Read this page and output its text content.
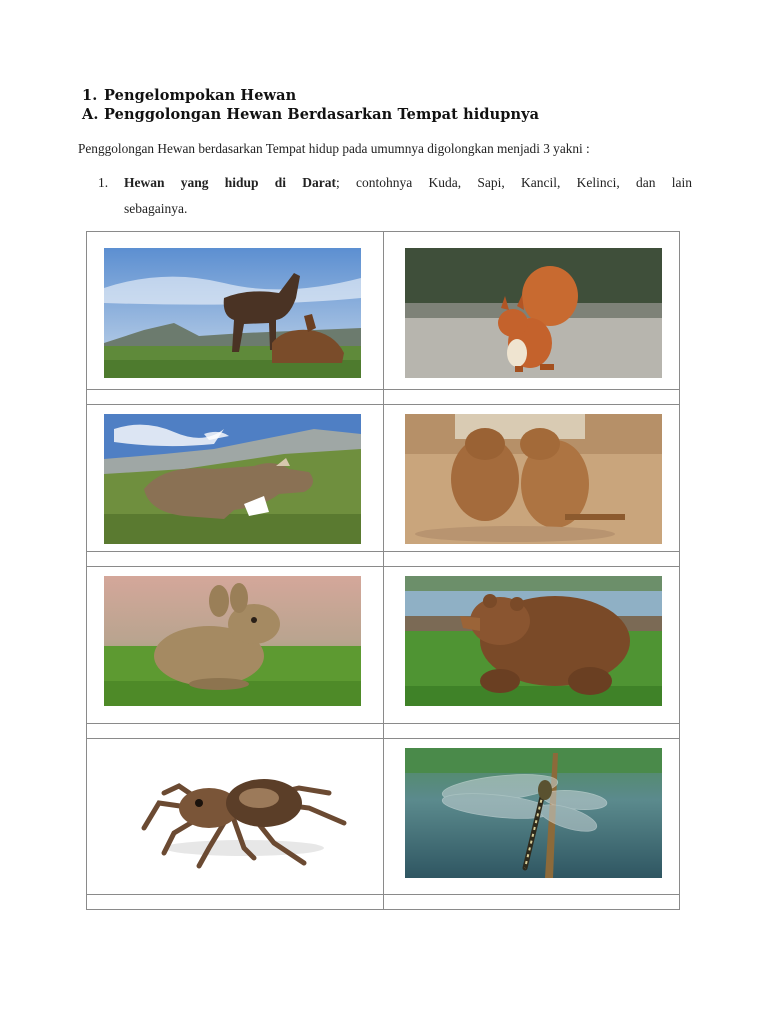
1. Pengelompokan Hewan
A. Penggolongan Hewan Berdasarkan Tempat hidupnya
Penggolongan Hewan berdasarkan Tempat hidup pada umumnya digolongkan menjadi 3 yakni :
1. Hewan yang hidup di Darat; contohnya Kuda, Sapi, Kancil, Kelinci, dan lain
sebagainya.
